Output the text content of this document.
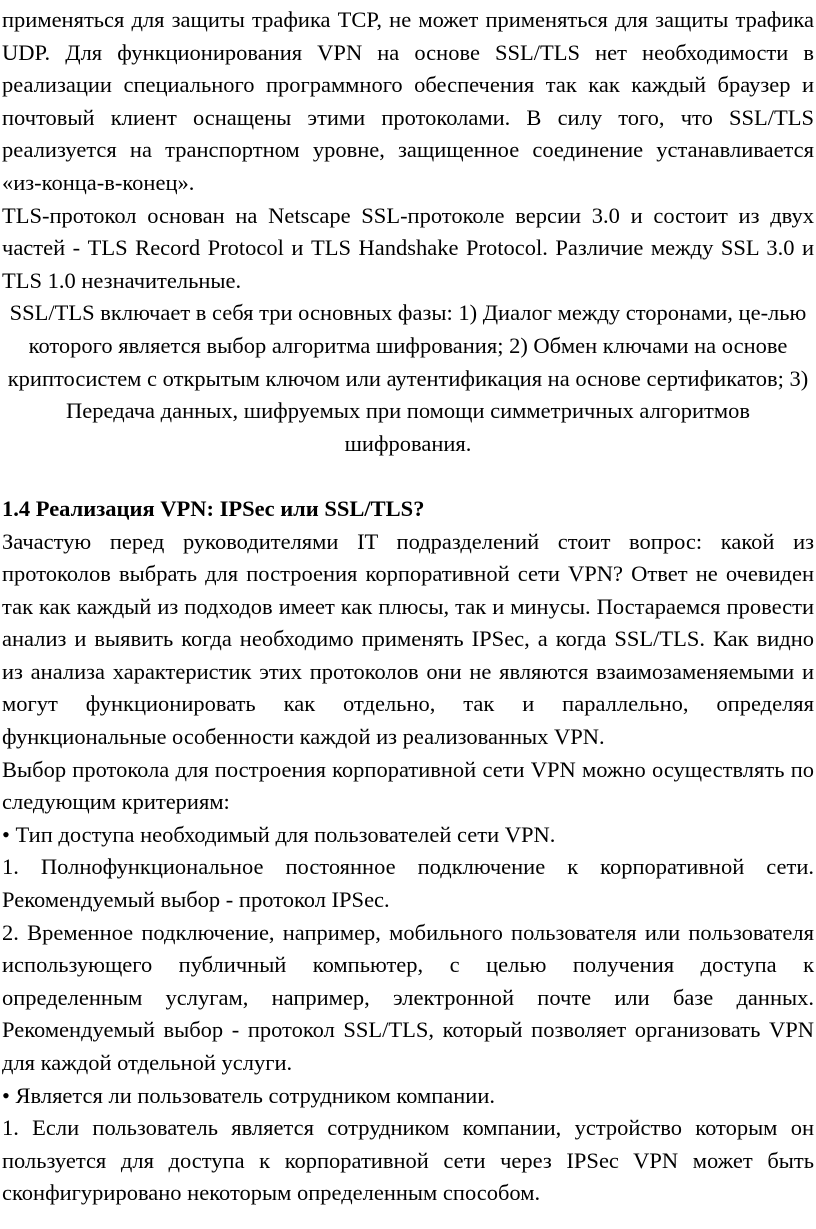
применяться для защиты трафика TCP, не может применяться для защиты трафика UDP. Для функционирования VPN на основе SSL/TLS нет необходимости в реализации специального программного обеспечения так как каждый браузер и почтовый клиент оснащены этими протоколами. В силу того, что SSL/TLS реализуется на транспортном уровне, защищенное соединение устанавливается «из-конца-в-конец».

TLS-протокол основан на Netscape SSL-протоколе версии 3.0 и состоит из двух частей - TLS Record Protocol и TLS Handshake Protocol. Различие между SSL 3.0 и TLS 1.0 незначительные.

SSL/TLS включает в себя три основных фазы: 1) Диалог между сторонами, це-лью которого является выбор алгоритма шифрования; 2) Обмен ключами на основе криптосистем с открытым ключом или аутентификация на основе сертификатов; 3) Передача данных, шифруемых при помощи симметричных алгоритмов шифрования.

1.4 Реализация VPN: IPSec или SSL/TLS?

Зачастую перед руководителями IT подразделений стоит вопрос: какой из протоколов выбрать для построения корпоративной сети VPN? Ответ не очевиден так как каждый из подходов имеет как плюсы, так и минусы. Постараемся провести анализ и выявить когда необходимо применять IPSec, а когда SSL/TLS. Как видно из анализа характеристик этих протоколов они не являются взаимозаменяемыми и могут функционировать как отдельно, так и параллельно, определяя функциональные особенности каждой из реализованных VPN.

Выбор протокола для построения корпоративной сети VPN можно осуществлять по следующим критериям:

• Тип доступа необходимый для пользователей сети VPN.

1. Полнофункциональное постоянное подключение к корпоративной сети. Рекомендуемый выбор - протокол IPSec.

2. Временное подключение, например, мобильного пользователя или пользователя использующего публичный компьютер, с целью получения доступа к определенным услугам, например, электронной почте или базе данных. Рекомендуемый выбор - протокол SSL/TLS, который позволяет организовать VPN для каждой отдельной услуги.

• Является ли пользователь сотрудником компании.

1. Если пользователь является сотрудником компании, устройство которым он пользуется для доступа к корпоративной сети через IPSec VPN может быть сконфигурировано некоторым определенным способом.
